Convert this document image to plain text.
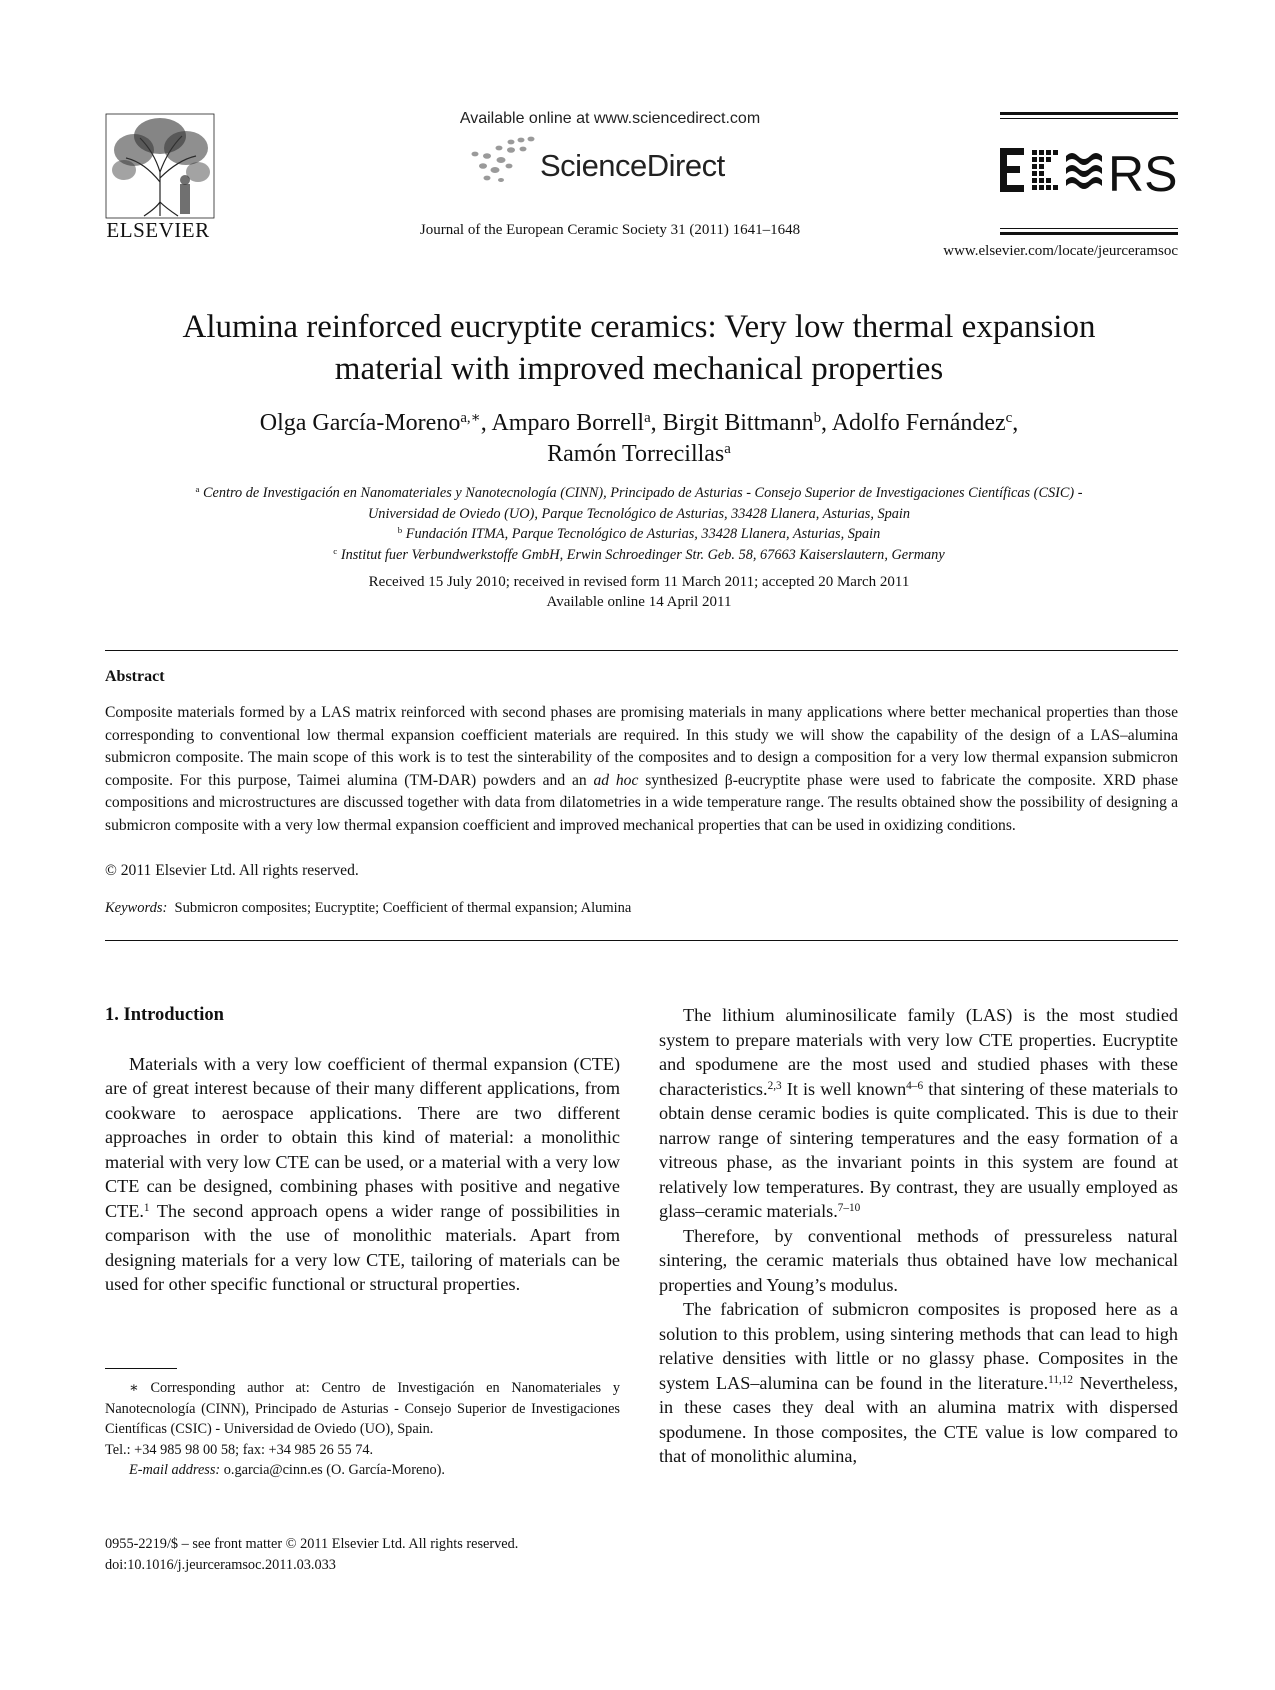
ELSEVIER
Available online at www.sciencedirect.com
ScienceDirect
Journal of the European Ceramic Society 31 (2011) 1641–1648
RS
www.elsevier.com/locate/jeurceramsoc
Alumina reinforced eucryptite ceramics: Very low thermal expansion
material with improved mechanical properties
Olga García-Moreno$^{a,∗}$, Amparo Borrell$^a$, Birgit Bittmann$^b$, Adolfo Fernández$^c$,
Ramón Torrecillas$^a$
$^a$ Centro de Investigación en Nanomateriales y Nanotecnología (CINN), Principado de Asturias - Consejo Superior de Investigaciones Científicas (CSIC) -
Universidad de Oviedo (UO), Parque Tecnológico de Asturias, 33428 Llanera, Asturias, Spain
$^b$ Fundación ITMA, Parque Tecnológico de Asturias, 33428 Llanera, Asturias, Spain
$^c$ Institut fuer Verbundwerkstoffe GmbH, Erwin Schroedinger Str. Geb. 58, 67663 Kaiserslautern, Germany
Received 15 July 2010; received in revised form 11 March 2011; accepted 20 March 2011
Available online 14 April 2011
Abstract
Composite materials formed by a LAS matrix reinforced with second phases are promising materials in many applications where better mechanical properties than those corresponding to conventional low thermal expansion coefficient materials are required. In this study we will show the capability of the design of a LAS–alumina submicron composite. The main scope of this work is to test the sinterability of the composites and to design a composition for a very low thermal expansion submicron composite. For this purpose, Taimei alumina (TM-DAR) powders and an ad hoc synthesized β-eucryptite phase were used to fabricate the composite. XRD phase compositions and microstructures are discussed together with data from dilatometries in a wide temperature range. The results obtained show the possibility of designing a submicron composite with a very low thermal expansion coefficient and improved mechanical properties that can be used in oxidizing conditions.
© 2011 Elsevier Ltd. All rights reserved.
Keywords: Submicron composites; Eucryptite; Coefficient of thermal expansion; Alumina

1. Introduction

Materials with a very low coefficient of thermal expansion (CTE) are of great interest because of their many different applications, from cookware to aerospace applications. There are two different approaches in order to obtain this kind of material: a monolithic material with very low CTE can be used, or a material with a very low CTE can be designed, combining phases with positive and negative CTE.$^1$ The second approach opens a wider range of possibilities in comparison with the use of monolithic materials. Apart from designing materials for a very low CTE, tailoring of materials can be used for other specific functional or structural properties.

The lithium aluminosilicate family (LAS) is the most studied system to prepare materials with very low CTE properties. Eucryptite and spodumene are the most used and studied phases with these characteristics.$^{2,3}$ It is well known$^{4-6}$ that sintering of these materials to obtain dense ceramic bodies is quite complicated. This is due to their narrow range of sintering temperatures and the easy formation of a vitreous phase, as the invariant points in this system are found at relatively low temperatures. By contrast, they are usually employed as glass–ceramic materials.$^{7-10}$

Therefore, by conventional methods of pressureless natural sintering, the ceramic materials thus obtained have low mechanical properties and Young’s modulus.

The fabrication of submicron composites is proposed here as a solution to this problem, using sintering methods that can lead to high relative densities with little or no glassy phase. Composites in the system LAS–alumina can be found in the literature.$^{11,12}$ Nevertheless, in these cases they deal with an alumina matrix with dispersed spodumene. In those composites, the CTE value is low compared to that of monolithic alumina,

∗ Corresponding author at: Centro de Investigación en Nanomateriales y Nanotecnología (CINN), Principado de Asturias - Consejo Superior de Investigaciones Científicas (CSIC) - Universidad de Oviedo (UO), Spain.

Tel.: +34 985 98 00 58; fax: +34 985 26 55 74.

E-mail address: o.garcia@cinn.es (O. García-Moreno).

0955-2219/$ – see front matter © 2011 Elsevier Ltd. All rights reserved.
doi:10.1016/j.jeurceramsoc.2011.03.033
